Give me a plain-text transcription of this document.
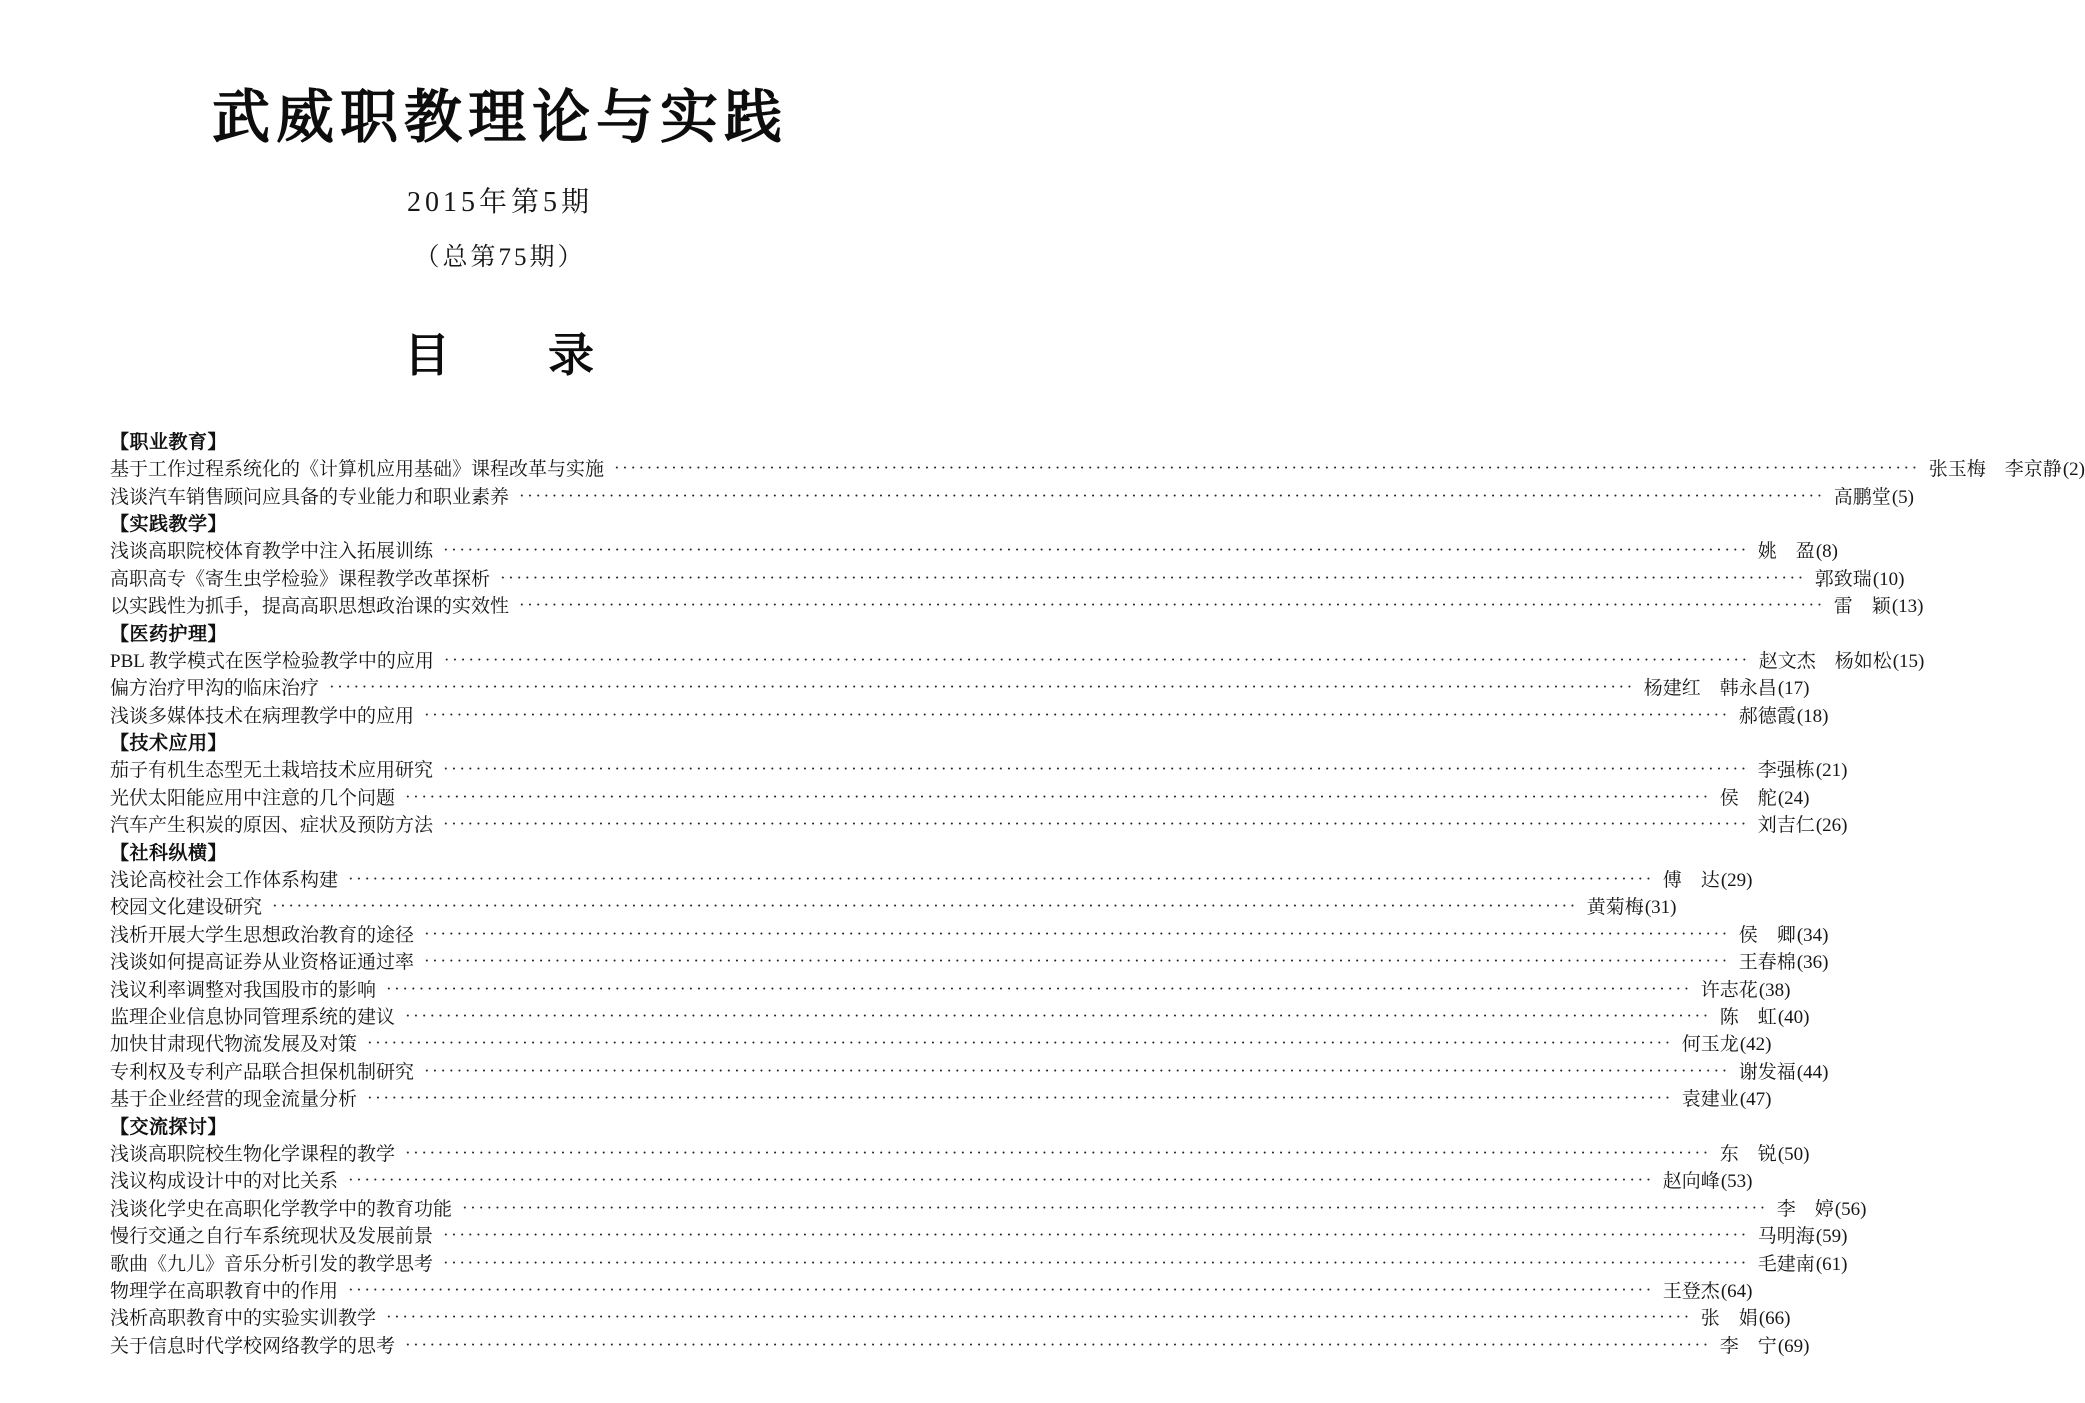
武威职教理论与实践
2015年第5期
（总第75期）
目　　录
【职业教育】
基于工作过程系统化的《计算机应用基础》课程改革与实施 ································································································································································ 张玉梅　李京静(2)
浅谈汽车销售顾问应具备的专业能力和职业素养 ································································································································································ 高鹏堂(5)
【实践教学】
浅谈高职院校体育教学中注入拓展训练 ································································································································································ 姚　盈(8)
高职高专《寄生虫学检验》课程教学改革探析 ································································································································································ 郭致瑞(10)
以实践性为抓手，提高高职思想政治课的实效性 ································································································································································ 雷　颖(13)
【医药护理】
PBL 教学模式在医学检验教学中的应用 ································································································································································ 赵文杰　杨如松(15)
偏方治疗甲沟的临床治疗 ································································································································································ 杨建红　韩永昌(17)
浅谈多媒体技术在病理教学中的应用 ································································································································································ 郝德霞(18)
【技术应用】
茄子有机生态型无土栽培技术应用研究 ································································································································································ 李强栋(21)
光伏太阳能应用中注意的几个问题 ································································································································································ 侯　舵(24)
汽车产生积炭的原因、症状及预防方法 ································································································································································ 刘吉仁(26)
【社科纵横】
浅论高校社会工作体系构建 ································································································································································ 傅　达(29)
校园文化建设研究 ································································································································································ 黄菊梅(31)
浅析开展大学生思想政治教育的途径 ································································································································································ 侯　卿(34)
浅谈如何提高证券从业资格证通过率 ································································································································································ 王春棉(36)
浅议利率调整对我国股市的影响 ································································································································································ 许志花(38)
监理企业信息协同管理系统的建议 ································································································································································ 陈　虹(40)
加快甘肃现代物流发展及对策 ································································································································································ 何玉龙(42)
专利权及专利产品联合担保机制研究 ································································································································································ 谢发福(44)
基于企业经营的现金流量分析 ································································································································································ 袁建业(47)
【交流探讨】
浅谈高职院校生物化学课程的教学 ································································································································································ 东　锐(50)
浅议构成设计中的对比关系 ································································································································································ 赵向峰(53)
浅谈化学史在高职化学教学中的教育功能 ································································································································································ 李　婷(56)
慢行交通之自行车系统现状及发展前景 ································································································································································ 马明海(59)
歌曲《九儿》音乐分析引发的教学思考 ································································································································································ 毛建南(61)
物理学在高职教育中的作用 ································································································································································ 王登杰(64)
浅析高职教育中的实验实训教学 ································································································································································ 张　娟(66)
关于信息时代学校网络教学的思考 ································································································································································ 李　宁(69)
